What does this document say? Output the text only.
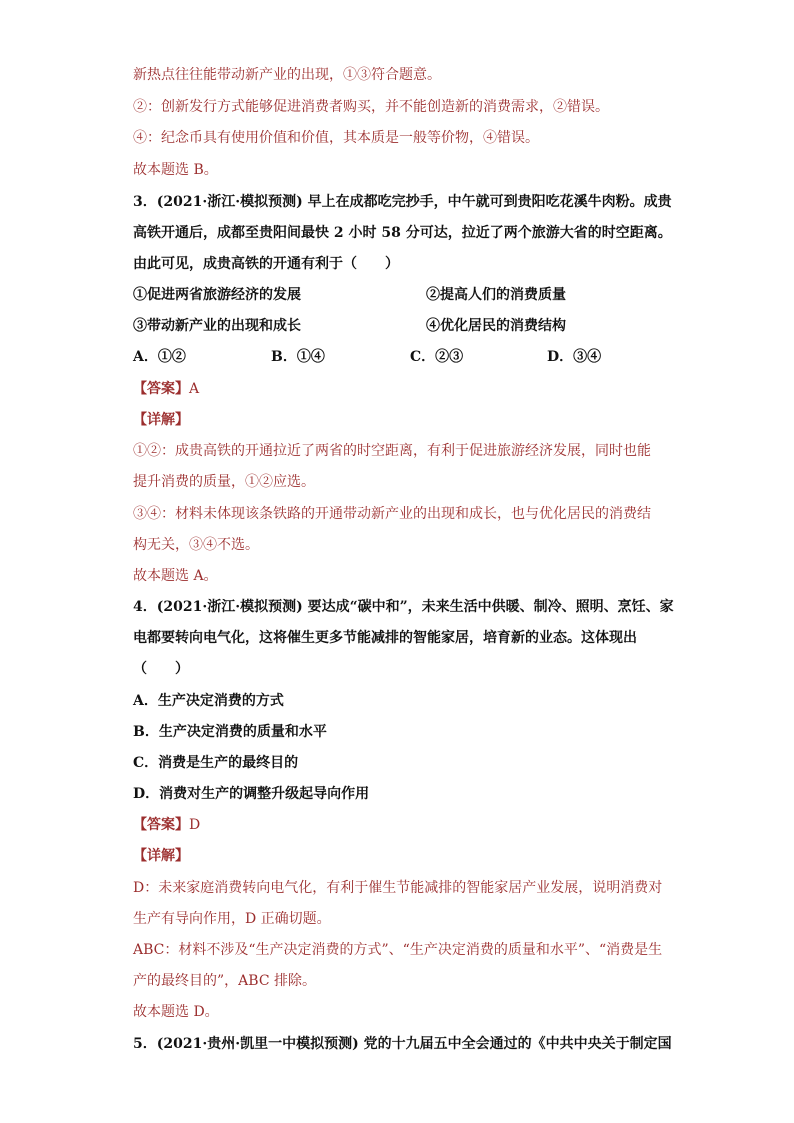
新热点往往能带动新产业的出现，①③符合题意。
②：创新发行方式能够促进消费者购买，并不能创造新的消费需求，②错误。
④：纪念币具有使用价值和价值，其本质是一般等价物，④错误。
故本题选 B。
3．(2021·浙江·模拟预测) 早上在成都吃完抄手，中午就可到贵阳吃花溪牛肉粉。成贵
高铁开通后，成都至贵阳间最快 2 小时 58 分可达，拉近了两个旅游大省的时空距离。
由此可见，成贵高铁的开通有利于（　　）
①促进两省旅游经济的发展	②提高人们的消费质量
③带动新产业的出现和成长	④优化居民的消费结构
A．①②	B．①④	C．②③	D．③④
【答案】A
【详解】
①②：成贵高铁的开通拉近了两省的时空距离，有利于促进旅游经济发展，同时也能
提升消费的质量，①②应选。
③④：材料未体现该条铁路的开通带动新产业的出现和成长，也与优化居民的消费结
构无关，③④不选。
故本题选 A。
4．(2021·浙江·模拟预测) 要达成“碳中和”，未来生活中供暖、制冷、照明、烹饪、家
电都要转向电气化，这将催生更多节能减排的智能家居，培育新的业态。这体现出
（　　）
A．生产决定消费的方式
B．生产决定消费的质量和水平
C．消费是生产的最终目的
D．消费对生产的调整升级起导向作用
【答案】D
【详解】
D：未来家庭消费转向电气化，有利于催生节能减排的智能家居产业发展，说明消费对
生产有导向作用，D 正确切题。
ABC：材料不涉及“生产决定消费的方式”、“生产决定消费的质量和水平”、“消费是生
产的最终目的”，ABC 排除。
故本题选 D。
5．(2021·贵州·凯里一中模拟预测) 党的十九届五中全会通过的《中共中央关于制定国
